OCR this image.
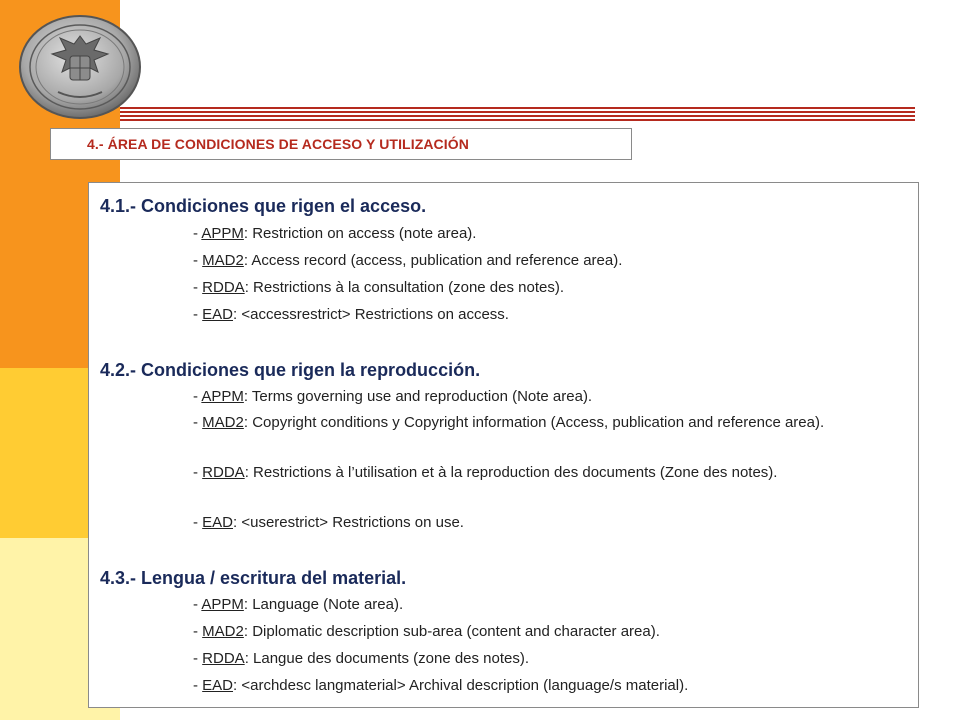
4.- ÁREA DE CONDICIONES DE ACCESO Y UTILIZACIÓN
4.1.- Condiciones que rigen el acceso.
- APPM: Restriction on access (note area).
- MAD2: Access record (access, publication and reference area).
- RDDA: Restrictions à la consultation (zone des notes).
- EAD: <accessrestrict> Restrictions on access.
4.2.- Condiciones que rigen la reproducción.
- APPM: Terms governing use and reproduction (Note area).
- MAD2: Copyright conditions y Copyright information (Access, publication and reference area).
- RDDA: Restrictions à l’utilisation et à la reproduction des documents (Zone des notes).
- EAD: <userestrict> Restrictions on use.
4.3.- Lengua / escritura del material.
- APPM: Language (Note area).
- MAD2: Diplomatic description sub-area (content and character area).
- RDDA: Langue des documents (zone des notes).
- EAD: <archdesc langmaterial> Archival description (language/s material).
